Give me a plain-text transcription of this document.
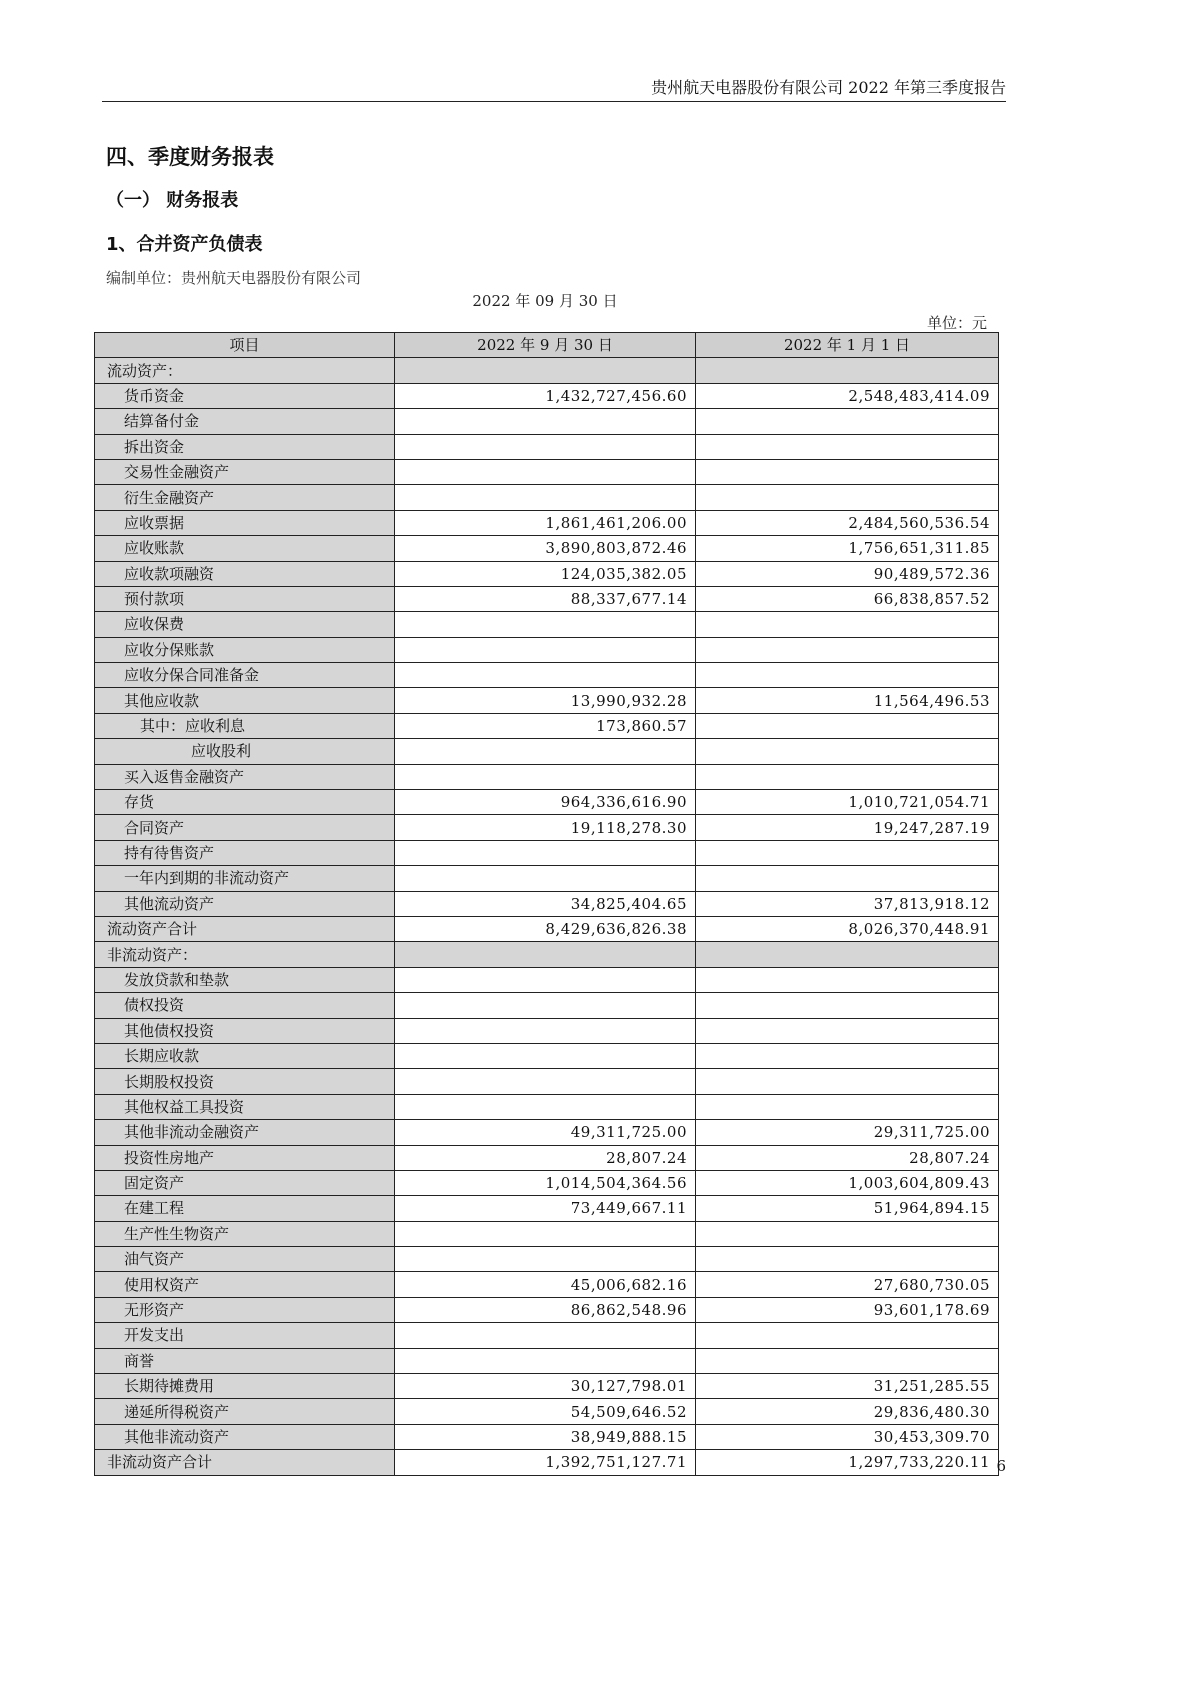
贵州航天电器股份有限公司 2022 年第三季度报告
四、季度财务报表
（一） 财务报表
1、合并资产负债表
编制单位：贵州航天电器股份有限公司
2022 年 09 月 30 日
单位：元
项目	2022 年 9 月 30 日	2022 年 1 月 1 日
流动资产：		
货币资金	1,432,727,456.60	2,548,483,414.09
结算备付金		
拆出资金		
交易性金融资产		
衍生金融资产		
应收票据	1,861,461,206.00	2,484,560,536.54
应收账款	3,890,803,872.46	1,756,651,311.85
应收款项融资	124,035,382.05	90,489,572.36
预付款项	88,337,677.14	66,838,857.52
应收保费		
应收分保账款		
应收分保合同准备金		
其他应收款	13,990,932.28	11,564,496.53
其中：应收利息	173,860.57	
应收股利		
买入返售金融资产		
存货	964,336,616.90	1,010,721,054.71
合同资产	19,118,278.30	19,247,287.19
持有待售资产		
一年内到期的非流动资产		
其他流动资产	34,825,404.65	37,813,918.12
流动资产合计	8,429,636,826.38	8,026,370,448.91
非流动资产：		
发放贷款和垫款		
债权投资		
其他债权投资		
长期应收款		
长期股权投资		
其他权益工具投资		
其他非流动金融资产	49,311,725.00	29,311,725.00
投资性房地产	28,807.24	28,807.24
固定资产	1,014,504,364.56	1,003,604,809.43
在建工程	73,449,667.11	51,964,894.15
生产性生物资产		
油气资产		
使用权资产	45,006,682.16	27,680,730.05
无形资产	86,862,548.96	93,601,178.69
开发支出		
商誉		
长期待摊费用	30,127,798.01	31,251,285.55
递延所得税资产	54,509,646.52	29,836,480.30
其他非流动资产	38,949,888.15	30,453,309.70
非流动资产合计	1,392,751,127.71	1,297,733,220.11 6
